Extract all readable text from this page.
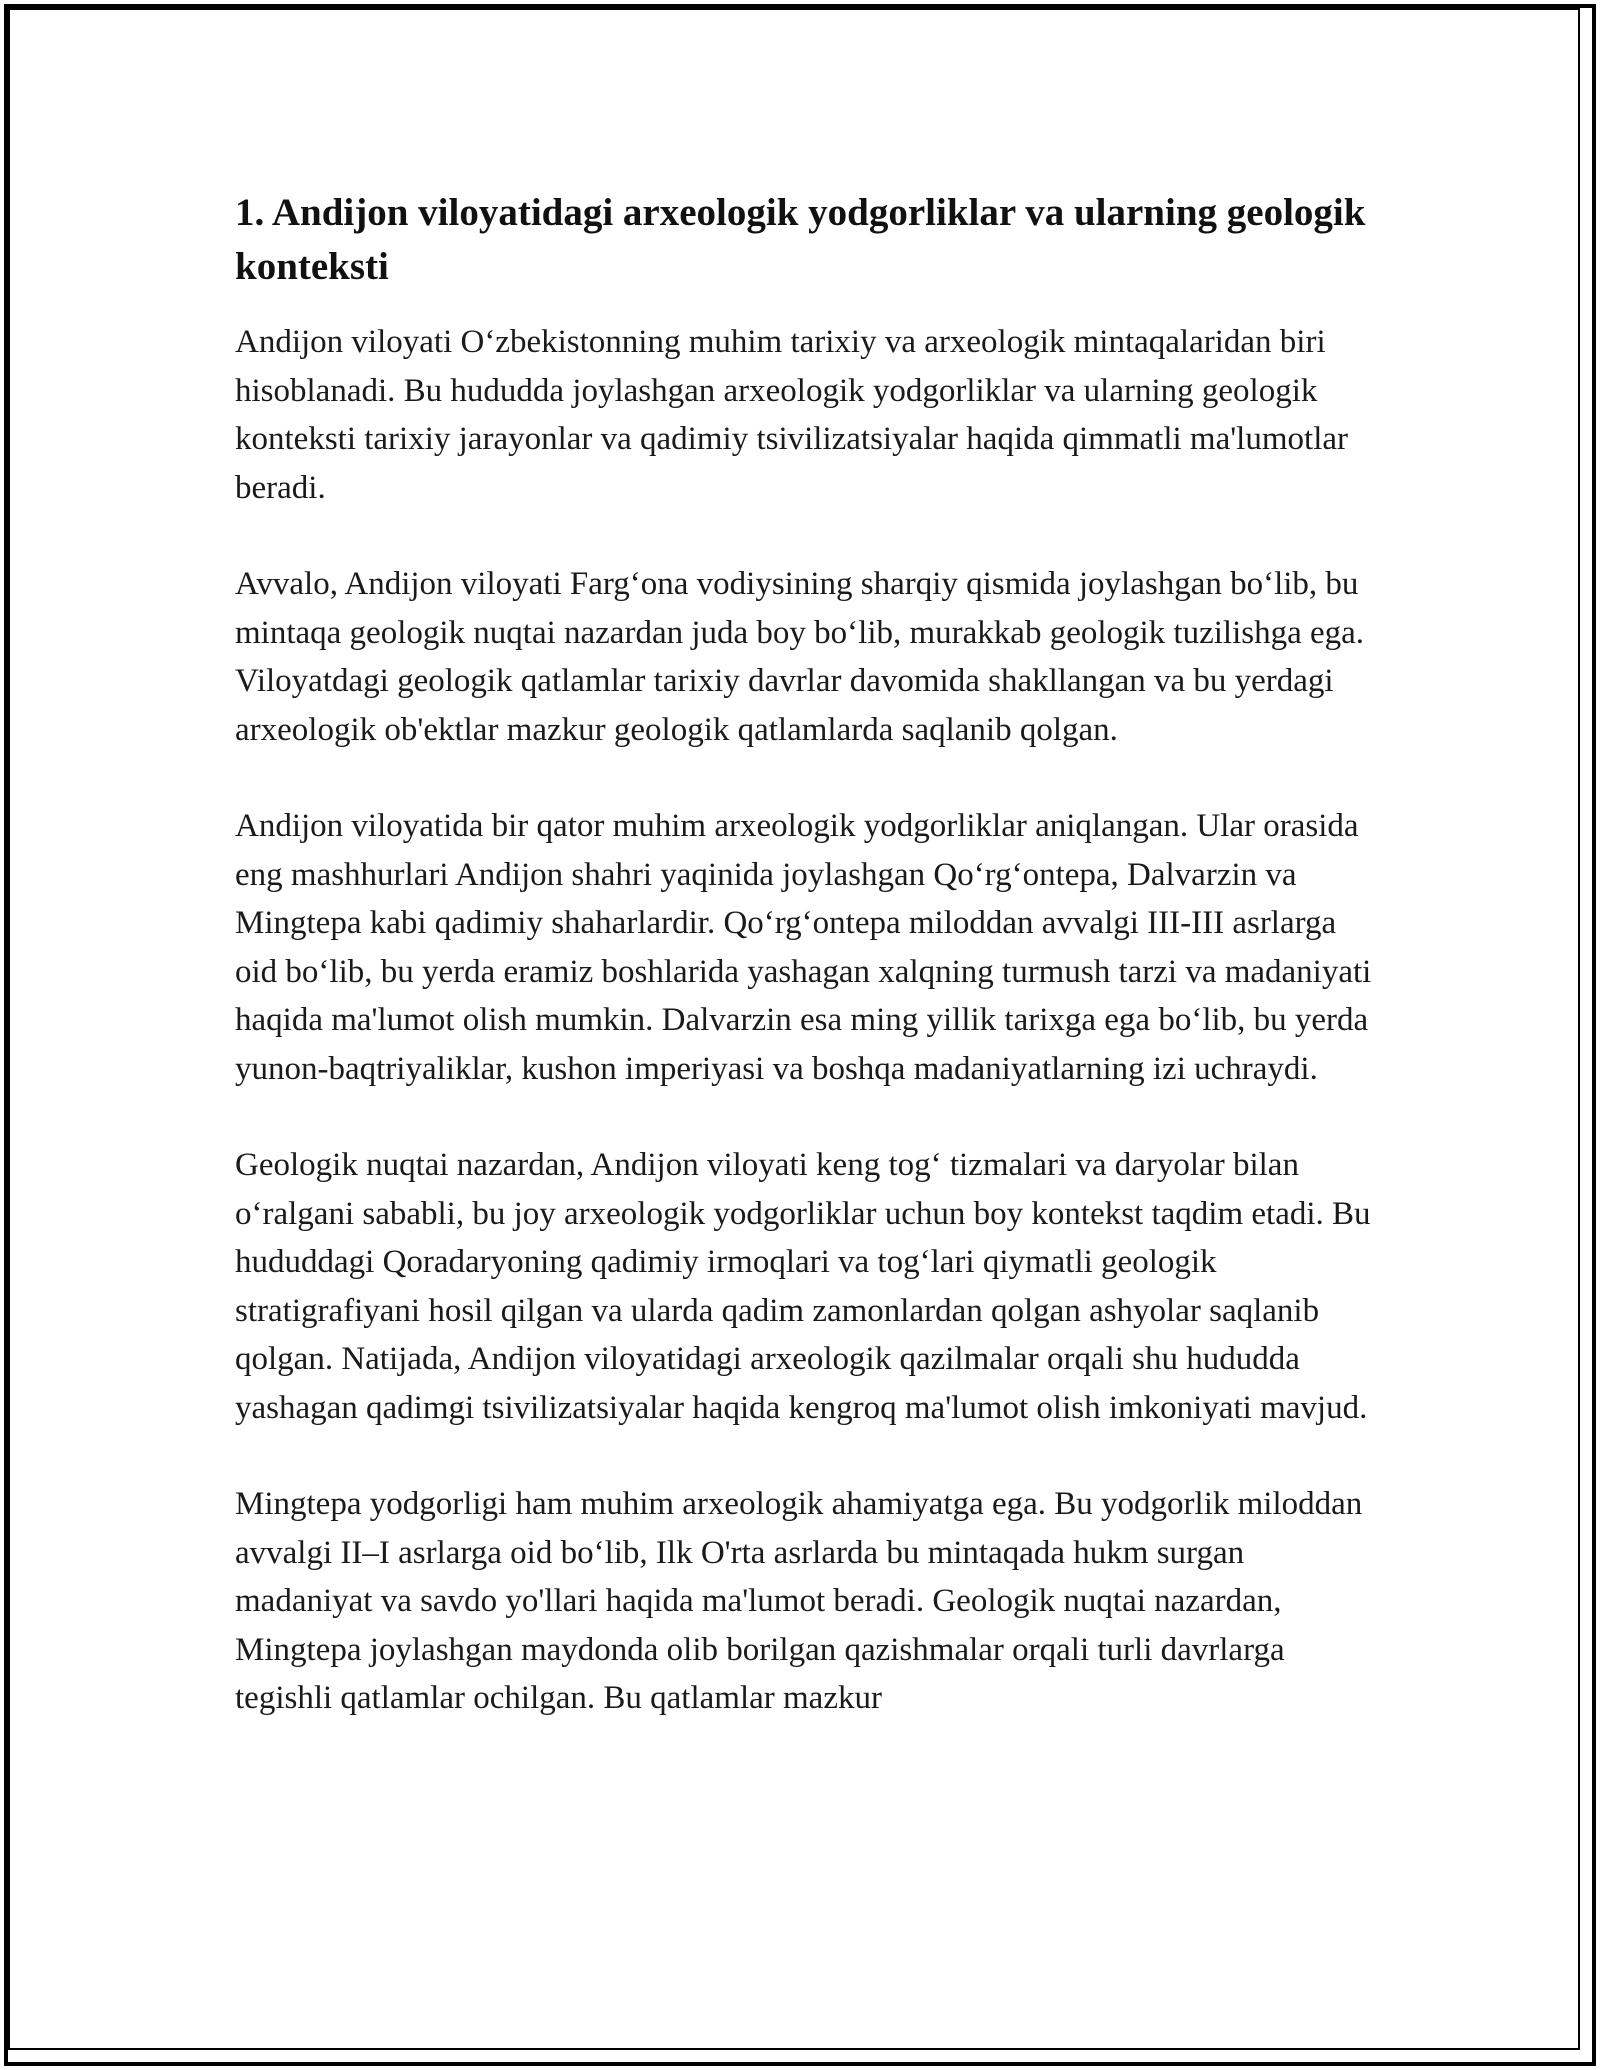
1. Andijon viloyatidagi arxeologik yodgorliklar va ularning geologik konteksti

Andijon viloyati O‘zbekistonning muhim tarixiy va arxeologik mintaqalaridan biri hisoblanadi. Bu hududda joylashgan arxeologik yodgorliklar va ularning geologik konteksti tarixiy jarayonlar va qadimiy tsivilizatsiyalar haqida qimmatli ma'lumotlar beradi.

Avvalo, Andijon viloyati Farg‘ona vodiysining sharqiy qismida joylashgan bo‘lib, bu mintaqa geologik nuqtai nazardan juda boy bo‘lib, murakkab geologik tuzilishga ega. Viloyatdagi geologik qatlamlar tarixiy davrlar davomida shakllangan va bu yerdagi arxeologik ob'ektlar mazkur geologik qatlamlarda saqlanib qolgan.

Andijon viloyatida bir qator muhim arxeologik yodgorliklar aniqlangan. Ular orasida eng mashhurlari Andijon shahri yaqinida joylashgan Qo‘rg‘ontepa, Dalvarzin va Mingtepa kabi qadimiy shaharlardir. Qo‘rg‘ontepa miloddan avvalgi III-III asrlarga oid bo‘lib, bu yerda eramiz boshlarida yashagan xalqning turmush tarzi va madaniyati haqida ma'lumot olish mumkin. Dalvarzin esa ming yillik tarixga ega bo‘lib, bu yerda yunon-baqtriyaliklar, kushon imperiyasi va boshqa madaniyatlarning izi uchraydi.

Geologik nuqtai nazardan, Andijon viloyati keng tog‘ tizmalari va daryolar bilan o‘ralgani sababli, bu joy arxeologik yodgorliklar uchun boy kontekst taqdim etadi. Bu hududdagi Qoradaryoning qadimiy irmoqlari va tog‘lari qiymatli geologik stratigrafiyani hosil qilgan va ularda qadim zamonlardan qolgan ashyolar saqlanib qolgan. Natijada, Andijon viloyatidagi arxeologik qazilmalar orqali shu hududda yashagan qadimgi tsivilizatsiyalar haqida kengroq ma'lumot olish imkoniyati mavjud.

Mingtepa yodgorligi ham muhim arxeologik ahamiyatga ega. Bu yodgorlik miloddan avvalgi II–I asrlarga oid bo‘lib, Ilk O'rta asrlarda bu mintaqada hukm surgan madaniyat va savdo yo'llari haqida ma'lumot beradi. Geologik nuqtai nazardan, Mingtepa joylashgan maydonda olib borilgan qazishmalar orqali turli davrlarga tegishli qatlamlar ochilgan. Bu qatlamlar mazkur
